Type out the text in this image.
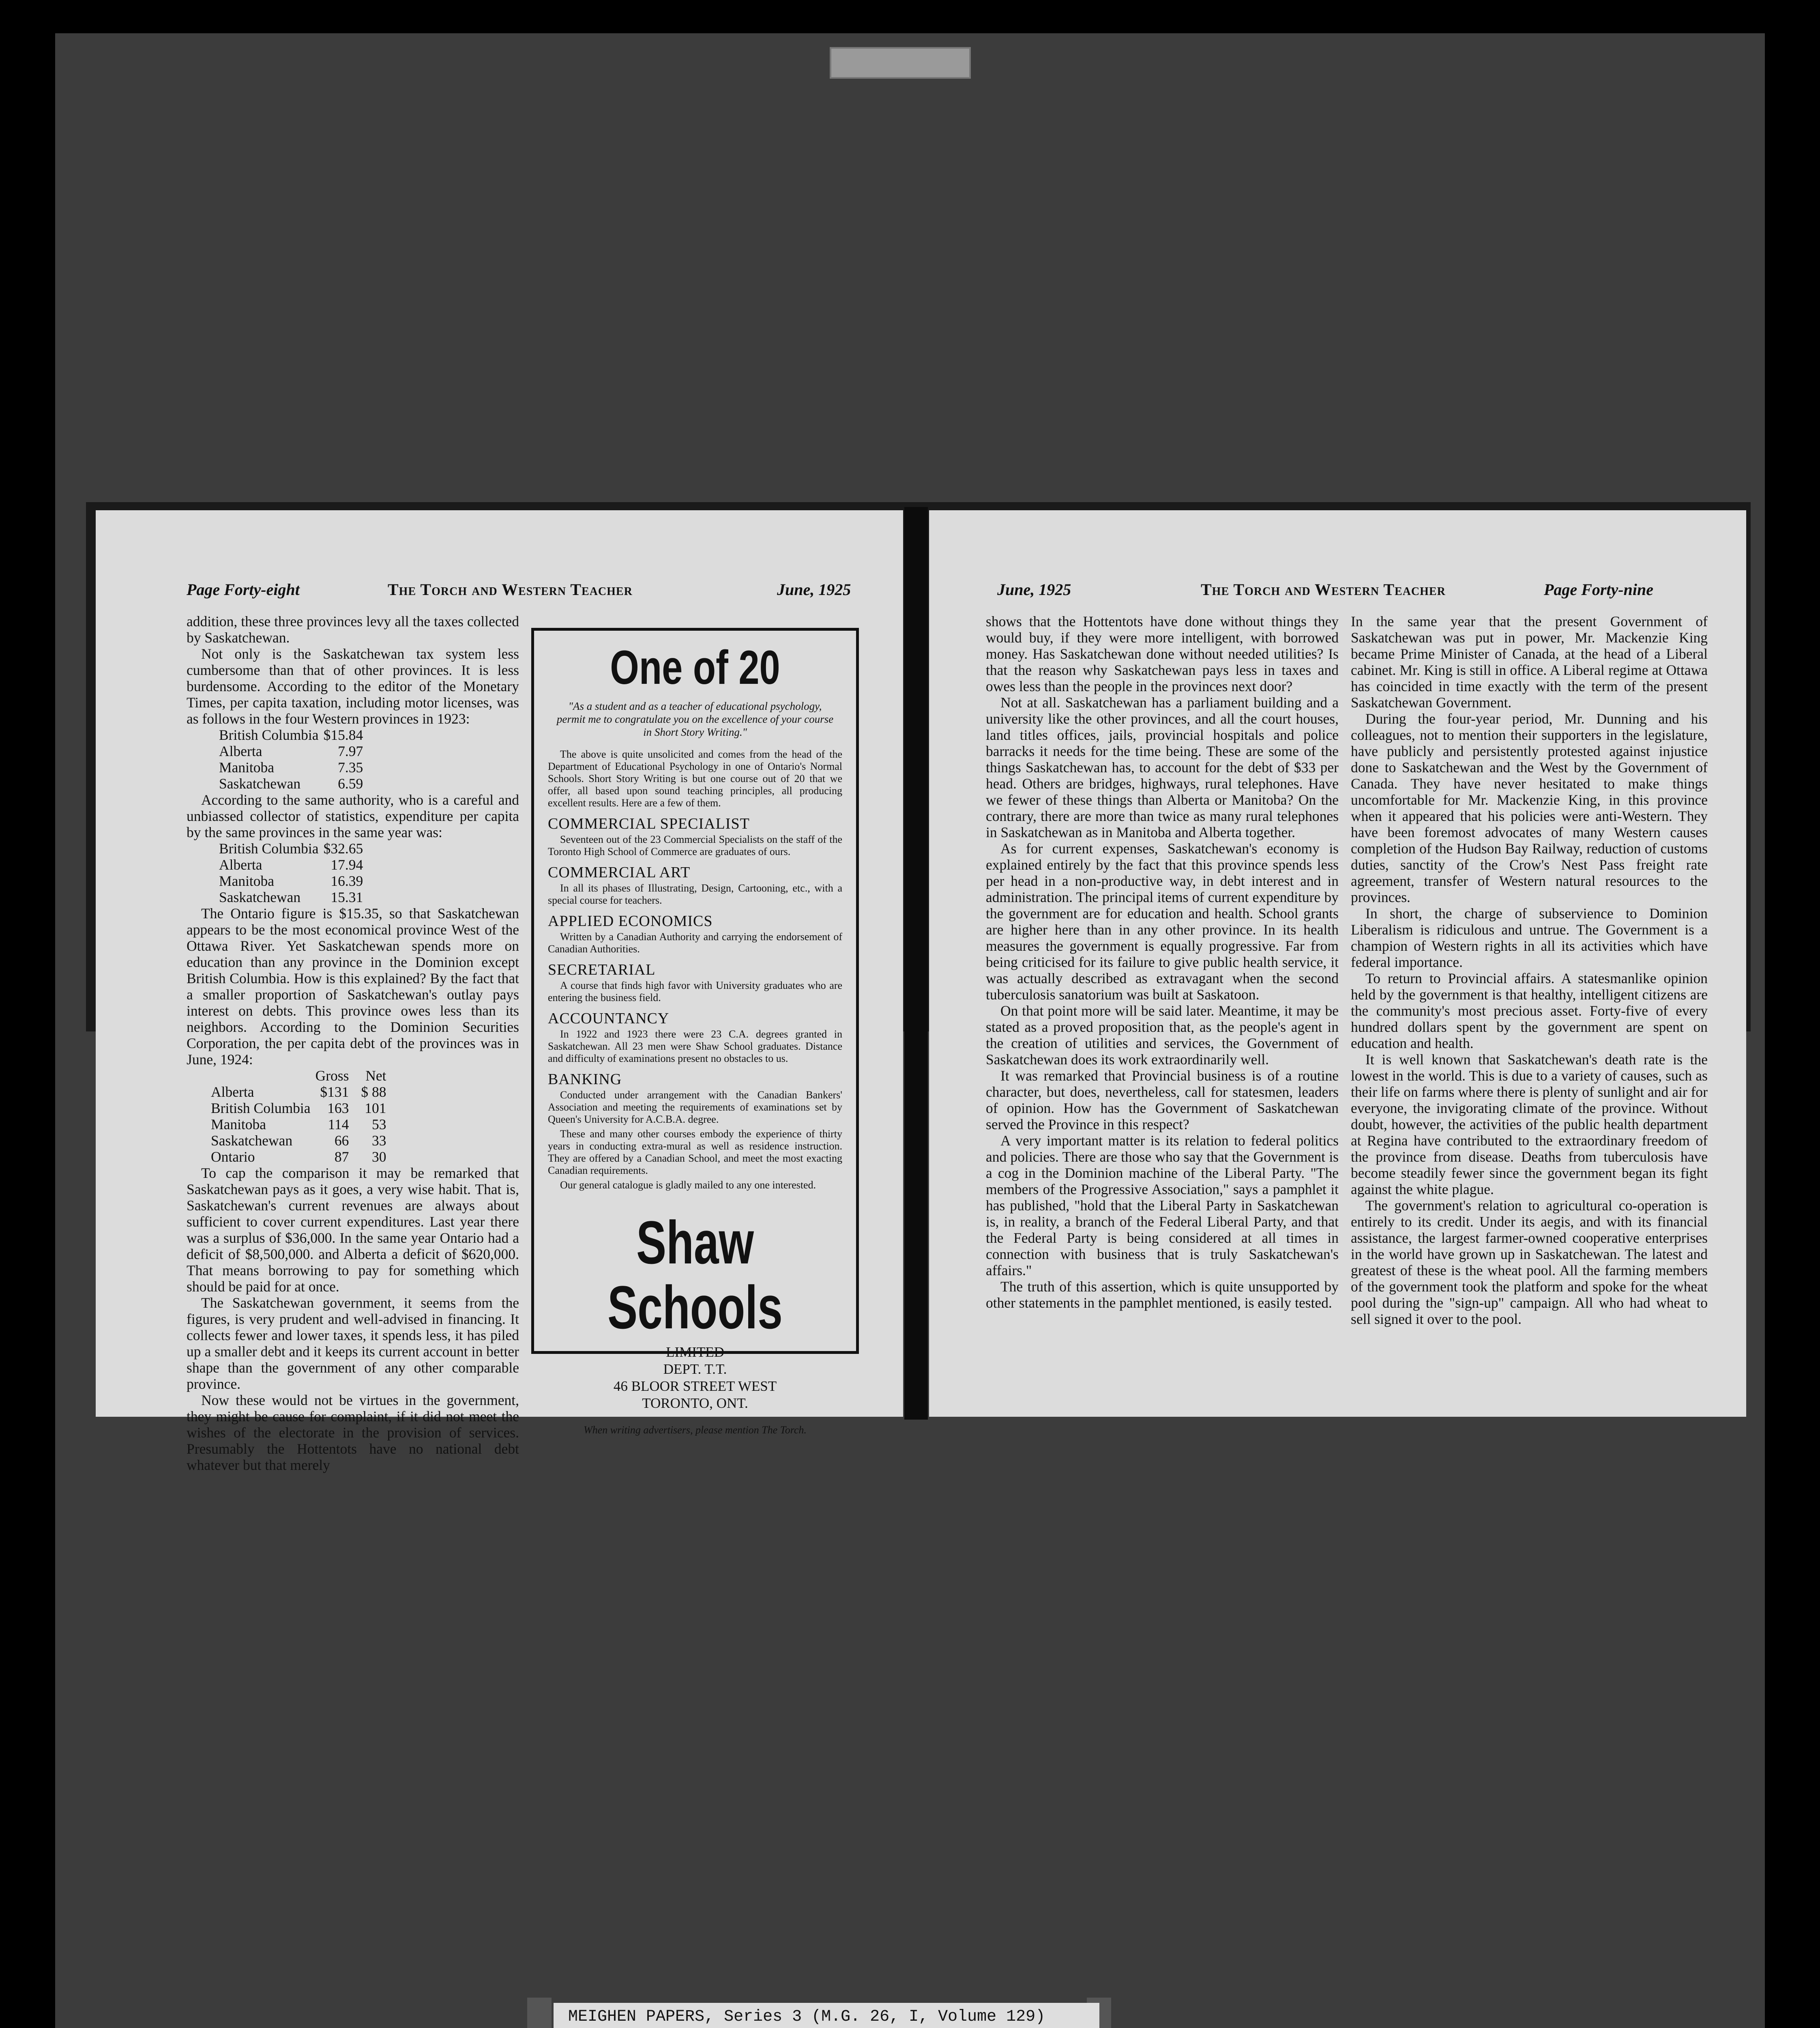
Page Forty-eight	The Torch and Western Teacher	June, 1925

addition, these three provinces levy all the taxes collected by Saskatchewan.

Not only is the Saskatchewan tax system less cumbersome than that of other provinces. It is less burdensome. According to the editor of the Monetary Times, per capita taxation, including motor licenses, was as follows in the four Western provinces in 1923:

British Columbia	$15.84
Alberta	7.97
Manitoba	7.35
Saskatchewan	6.59

According to the same authority, who is a careful and unbiassed collector of statistics, expenditure per capita by the same provinces in the same year was:

British Columbia	$32.65
Alberta	17.94
Manitoba	16.39
Saskatchewan	15.31

The Ontario figure is $15.35, so that Saskatchewan appears to be the most economical province West of the Ottawa River. Yet Saskatchewan spends more on education than any province in the Dominion except British Columbia. How is this explained? By the fact that a smaller proportion of Saskatchewan's outlay pays interest on debts. This province owes less than its neighbors. According to the Dominion Securities Corporation, the per capita debt of the provinces was in June, 1924:

	Gross	Net
Alberta	$131	$ 88
British Columbia	163	101
Manitoba	114	53
Saskatchewan	66	33
Ontario	87	30

To cap the comparison it may be remarked that Saskatchewan pays as it goes, a very wise habit. That is, Saskatchewan's current revenues are always about sufficient to cover current expenditures. Last year there was a surplus of $36,000. In the same year Ontario had a deficit of $8,500,000. and Alberta a deficit of $620,000. That means borrowing to pay for something which should be paid for at once.

The Saskatchewan government, it seems from the figures, is very prudent and well-advised in financing. It collects fewer and lower taxes, it spends less, it has piled up a smaller debt and it keeps its current account in better shape than the government of any other comparable province.

Now these would not be virtues in the government, they might be cause for complaint, if it did not meet the wishes of the electorate in the provision of services. Presumably the Hottentots have no national debt whatever but that merely

One of 20
"As a student and as a teacher of educational psychology, permit me to congratulate you on the excellence of your course in Short Story Writing."
The above is quite unsolicited and comes from the head of the Department of Educational Psychology in one of Ontario's Normal Schools. Short Story Writing is but one course out of 20 that we offer, all based upon sound teaching principles, all producing excellent results. Here are a few of them.
COMMERCIAL SPECIALIST
Seventeen out of the 23 Commercial Specialists on the staff of the Toronto High School of Commerce are graduates of ours.
COMMERCIAL ART
In all its phases of Illustrating, Design, Cartooning, etc., with a special course for teachers.
APPLIED ECONOMICS
Written by a Canadian Authority and carrying the endorsement of Canadian Authorities.
SECRETARIAL
A course that finds high favor with University graduates who are entering the business field.
ACCOUNTANCY
In 1922 and 1923 there were 23 C.A. degrees granted in Saskatchewan. All 23 men were Shaw School graduates. Distance and difficulty of examinations present no obstacles to us.
BANKING
Conducted under arrangement with the Canadian Bankers' Association and meeting the requirements of examinations set by Queen's University for A.C.B.A. degree.
These and many other courses embody the experience of thirty years in conducting extra-mural as well as residence instruction. They are offered by a Canadian School, and meet the most exacting Canadian requirements.
Our general catalogue is gladly mailed to any one interested.
Shaw Schools
LIMITED
DEPT. T.T.
46 BLOOR STREET WEST
TORONTO, ONT.
When writing advertisers, please mention The Torch.
June, 1925	The Torch and Western Teacher	Page Forty-nine

shows that the Hottentots have done without things they would buy, if they were more intelligent, with borrowed money. Has Saskatchewan done without needed utilities? Is that the reason why Saskatchewan pays less in taxes and owes less than the people in the provinces next door?

Not at all. Saskatchewan has a parliament building and a university like the other provinces, and all the court houses, land titles offices, jails, provincial hospitals and police barracks it needs for the time being. These are some of the things Saskatchewan has, to account for the debt of $33 per head. Others are bridges, highways, rural telephones. Have we fewer of these things than Alberta or Manitoba? On the contrary, there are more than twice as many rural telephones in Saskatchewan as in Manitoba and Alberta together.

As for current expenses, Saskatchewan's economy is explained entirely by the fact that this province spends less per head in a non-productive way, in debt interest and in administration. The principal items of current expenditure by the government are for education and health. School grants are higher here than in any other province. In its health measures the government is equally progressive. Far from being criticised for its failure to give public health service, it was actually described as extravagant when the second tuberculosis sanatorium was built at Saskatoon.

On that point more will be said later. Meantime, it may be stated as a proved proposition that, as the people's agent in the creation of utilities and services, the Government of Saskatchewan does its work extraordinarily well.

It was remarked that Provincial business is of a routine character, but does, nevertheless, call for statesmen, leaders of opinion. How has the Government of Saskatchewan served the Province in this respect?

A very important matter is its relation to federal politics and policies. There are those who say that the Government is a cog in the Dominion machine of the Liberal Party. "The members of the Progressive Association," says a pamphlet it has published, "hold that the Liberal Party in Saskatchewan is, in reality, a branch of the Federal Liberal Party, and that the Federal Party is being considered at all times in connection with business that is truly Saskatchewan's affairs."

The truth of this assertion, which is quite unsupported by other statements in the pamphlet mentioned, is easily tested.

In the same year that the present Government of Saskatchewan was put in power, Mr. Mackenzie King became Prime Minister of Canada, at the head of a Liberal cabinet. Mr. King is still in office. A Liberal regime at Ottawa has coincided in time exactly with the term of the present Saskatchewan Government.

During the four-year period, Mr. Dunning and his colleagues, not to mention their supporters in the legislature, have publicly and persistently protested against injustice done to Saskatchewan and the West by the Government of Canada. They have never hesitated to make things uncomfortable for Mr. Mackenzie King, in this province when it appeared that his policies were anti-Western. They have been foremost advocates of many Western causes completion of the Hudson Bay Railway, reduction of customs duties, sanctity of the Crow's Nest Pass freight rate agreement, transfer of Western natural resources to the provinces.

In short, the charge of subservience to Dominion Liberalism is ridiculous and untrue. The Government is a champion of Western rights in all its activities which have federal importance.

To return to Provincial affairs. A statesmanlike opinion held by the government is that healthy, intelligent citizens are the community's most precious asset. Forty-five of every hundred dollars spent by the government are spent on education and health.

It is well known that Saskatchewan's death rate is the lowest in the world. This is due to a variety of causes, such as their life on farms where there is plenty of sunlight and air for everyone, the invigorating climate of the province. Without doubt, however, the activities of the public health department at Regina have contributed to the extraordinary freedom of the province from disease. Deaths from tuberculosis have become steadily fewer since the government began its fight against the white plague.

The government's relation to agricultural co-operation is entirely to its credit. Under its aegis, and with its financial assistance, the largest farmer-owned cooperative enterprises in the world have grown up in Saskatchewan. The latest and greatest of these is the wheat pool. All the farming members of the government took the platform and spoke for the wheat pool during the "sign-up" campaign. All who had wheat to sell signed it over to the pool.

MEIGHEN PAPERS, Series 3 (M.G. 26, I, Volume 129)
